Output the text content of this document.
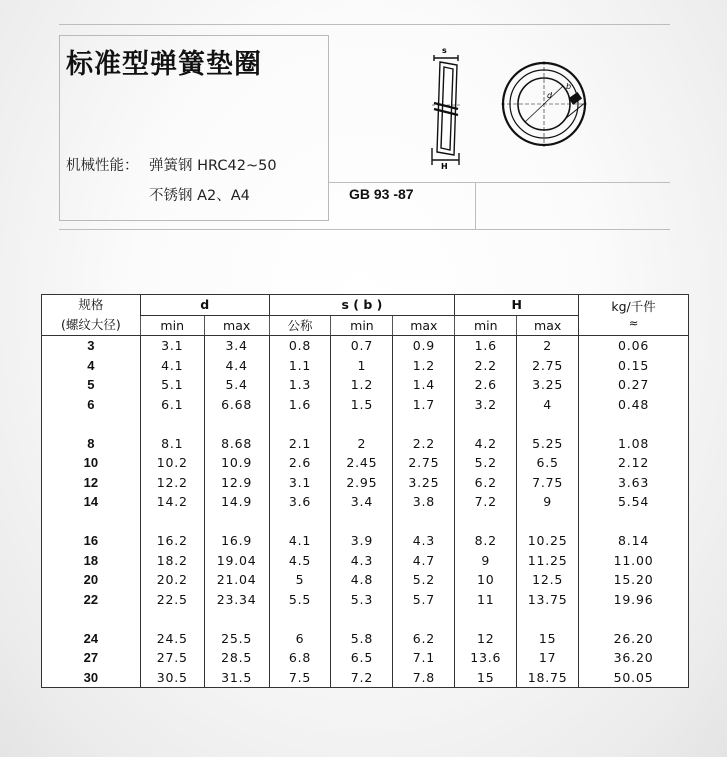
标准型弹簧垫圈
机械性能： 弹簧钢 HRC42~50
不锈钢 A2、A4	GB 93 -87
s
H
d
b
规格	d		s ( b )			H		kg/千件
≈

(螺纹大径)	min	max	公称	min	max	min	max	
3	3.1	3.4	0.8	0.7	0.9	1.6	2	0.06
4	4.1	4.4	1.1	1	1.2	2.2	2.75	0.15
5	5.1	5.4	1.3	1.2	1.4	2.6	3.25	0.27
6	6.1	6.68	1.6	1.5	1.7	3.2	4	0.48

8	8.1	8.68	2.1	2	2.2	4.2	5.25	1.08
10	10.2	10.9	2.6	2.45	2.75	5.2	6.5	2.12
12	12.2	12.9	3.1	2.95	3.25	6.2	7.75	3.63
14	14.2	14.9	3.6	3.4	3.8	7.2	9	5.54

16	16.2	16.9	4.1	3.9	4.3	8.2	10.25	8.14
18	18.2	19.04	4.5	4.3	4.7	9	11.25	11.00
20	20.2	21.04	5	4.8	5.2	10	12.5	15.20
22	22.5	23.34	5.5	5.3	5.7	11	13.75	19.96

24	24.5	25.5	6	5.8	6.2	12	15	26.20
27	27.5	28.5	6.8	6.5	7.1	13.6	17	36.20
30	30.5	31.5	7.5	7.2	7.8	15	18.75	50.05
